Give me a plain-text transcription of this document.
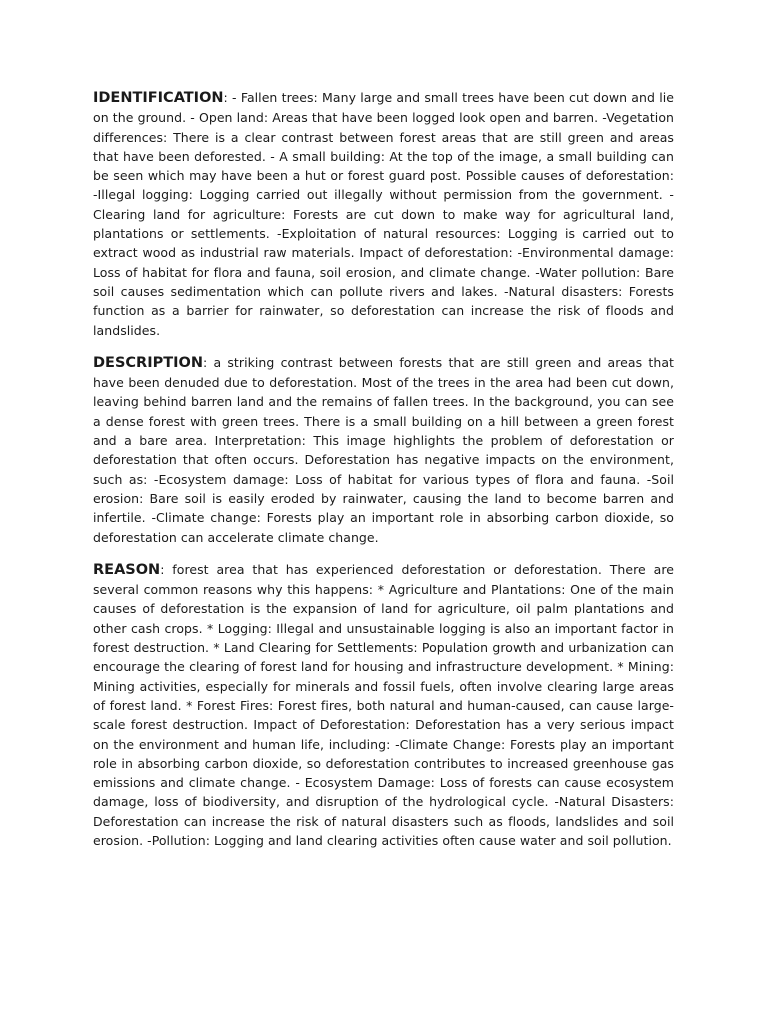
IDENTIFICATION: - Fallen trees: Many large and small trees have been cut down and lie on the ground. - Open land: Areas that have been logged look open and barren. -Vegetation differences: There is a clear contrast between forest areas that are still green and areas that have been deforested. - A small building: At the top of the image, a small building can be seen which may have been a hut or forest guard post. Possible causes of deforestation: -Illegal logging: Logging carried out illegally without permission from the government. -Clearing land for agriculture: Forests are cut down to make way for agricultural land, plantations or settlements. -Exploitation of natural resources: Logging is carried out to extract wood as industrial raw materials. Impact of deforestation: -Environmental damage: Loss of habitat for flora and fauna, soil erosion, and climate change. -Water pollution: Bare soil causes sedimentation which can pollute rivers and lakes. -Natural disasters: Forests function as a barrier for rainwater, so deforestation can increase the risk of floods and landslides.

DESCRIPTION: a striking contrast between forests that are still green and areas that have been denuded due to deforestation. Most of the trees in the area had been cut down, leaving behind barren land and the remains of fallen trees. In the background, you can see a dense forest with green trees. There is a small building on a hill between a green forest and a bare area. Interpretation: This image highlights the problem of deforestation or deforestation that often occurs. Deforestation has negative impacts on the environment, such as: -Ecosystem damage: Loss of habitat for various types of flora and fauna. -Soil erosion: Bare soil is easily eroded by rainwater, causing the land to become barren and infertile. -Climate change: Forests play an important role in absorbing carbon dioxide, so deforestation can accelerate climate change.

REASON: forest area that has experienced deforestation or deforestation. There are several common reasons why this happens: * Agriculture and Plantations: One of the main causes of deforestation is the expansion of land for agriculture, oil palm plantations and other cash crops. * Logging: Illegal and unsustainable logging is also an important factor in forest destruction. * Land Clearing for Settlements: Population growth and urbanization can encourage the clearing of forest land for housing and infrastructure development. * Mining: Mining activities, especially for minerals and fossil fuels, often involve clearing large areas of forest land. * Forest Fires: Forest fires, both natural and human-caused, can cause large-scale forest destruction. Impact of Deforestation: Deforestation has a very serious impact on the environment and human life, including: -Climate Change: Forests play an important role in absorbing carbon dioxide, so deforestation contributes to increased greenhouse gas emissions and climate change. - Ecosystem Damage: Loss of forests can cause ecosystem damage, loss of biodiversity, and disruption of the hydrological cycle. -Natural Disasters: Deforestation can increase the risk of natural disasters such as floods, landslides and soil erosion. -Pollution: Logging and land clearing activities often cause water and soil pollution.
